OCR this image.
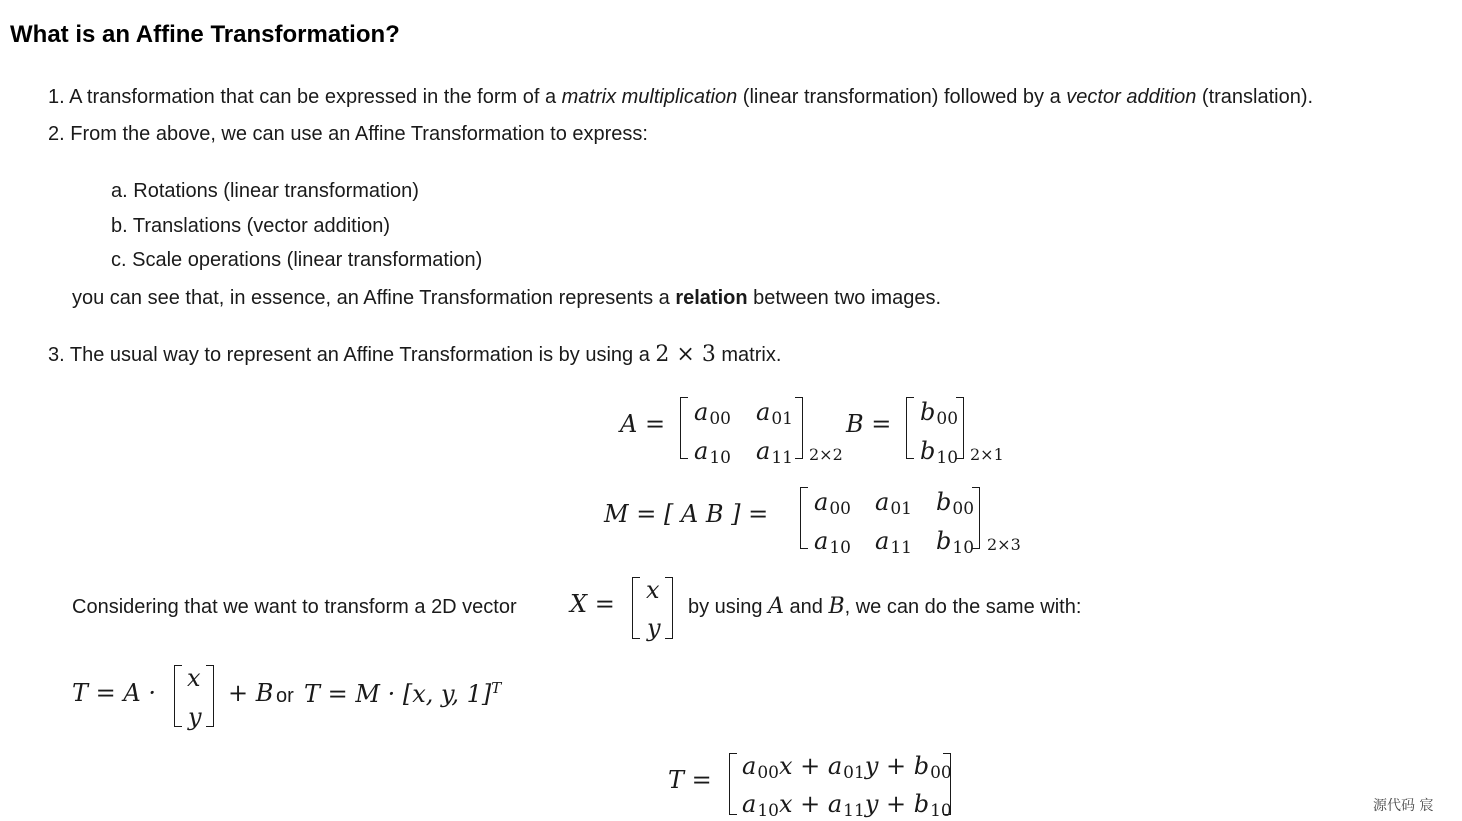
What is an Affine Transformation?
1. A transformation that can be expressed in the form of a matrix multiplication (linear transformation) followed by a vector addition (translation).
2. From the above, we can use an Affine Transformation to express:
a. Rotations (linear transformation)
b. Translations (vector addition)
c. Scale operations (linear transformation)
you can see that, in essence, an Affine Transformation represents a relation between two images.
3. The usual way to represent an Affine Transformation is by using a 2 × 3 matrix.
A = a00 a01
a10 a11 2×2
B = b00
b10 2×1
M = [ A B ] = a00 a01 b00
a10 a11 b10 2×3
Considering that we want to transform a 2D vector X = x
y
by using A and B, we can do the same with:
T = A ·
x
y
+ B or T = M · [x, y, 1]$^T$
T = a00x + a01y + b00
a10x + a11y + b10	源代码 宸
